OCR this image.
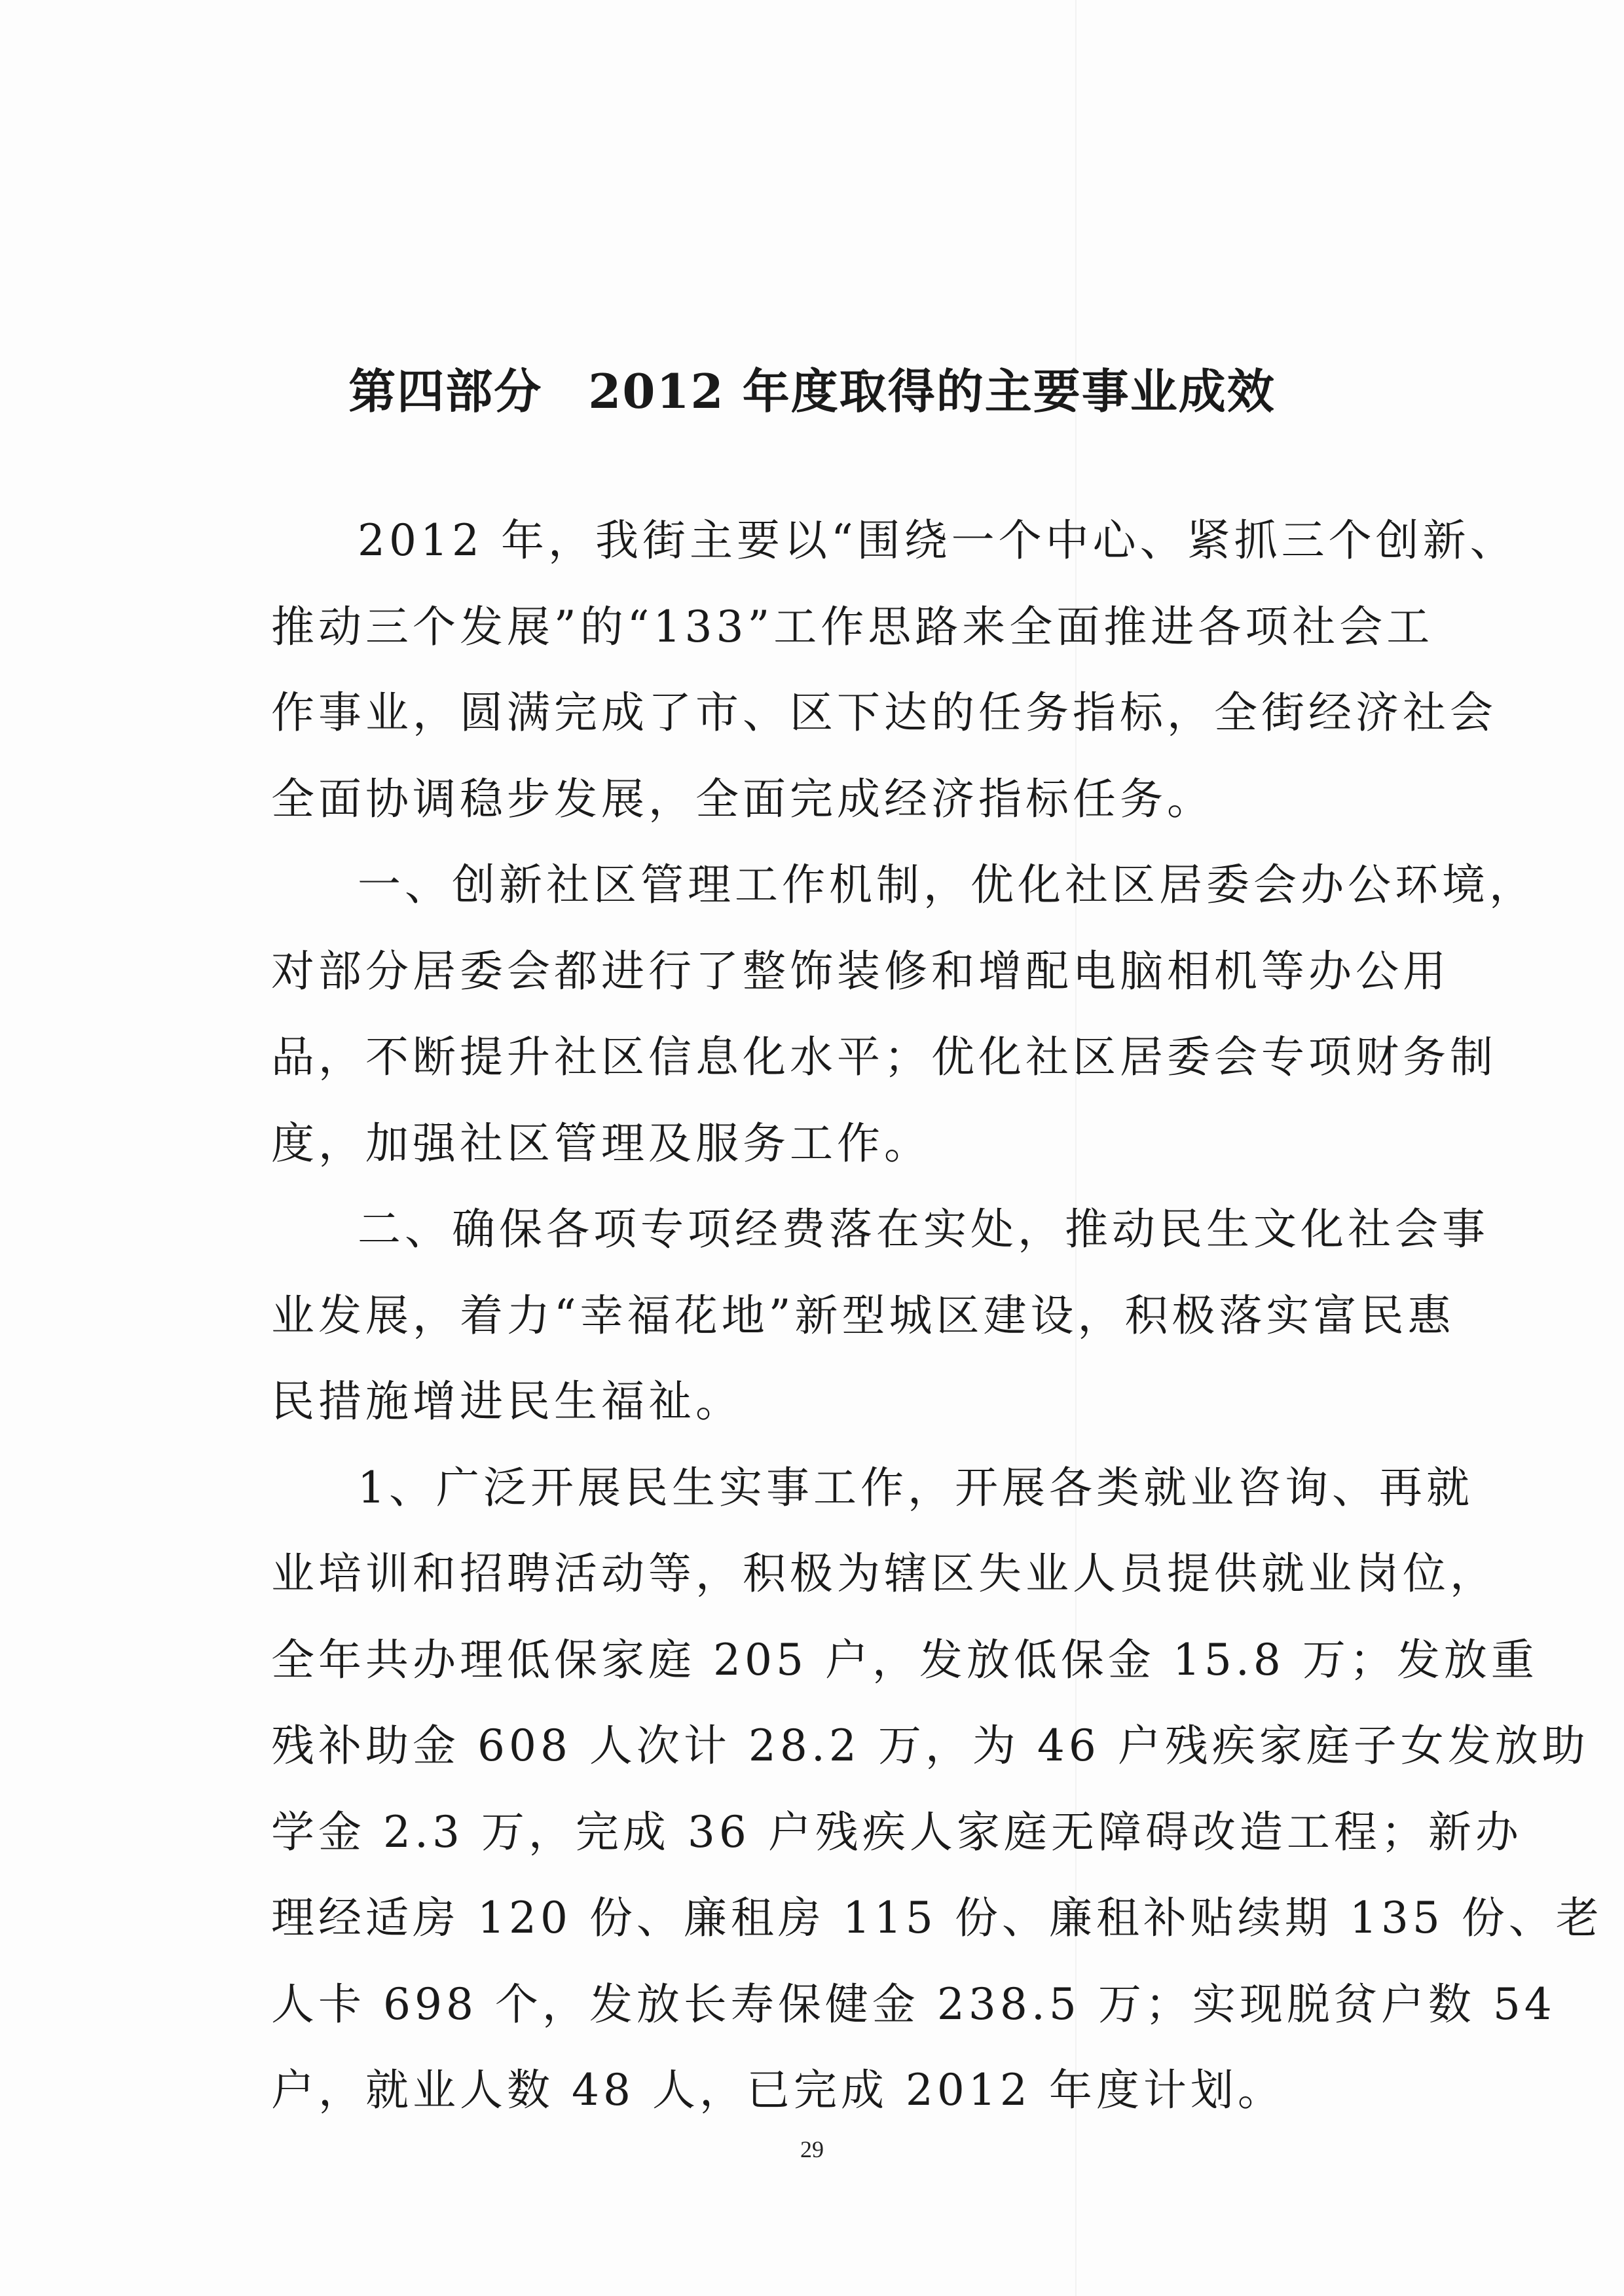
第四部分 2012 年度取得的主要事业成效
2012 年，我街主要以“围绕一个中心、紧抓三个创新、
推动三个发展”的“133”工作思路来全面推进各项社会工
作事业，圆满完成了市、区下达的任务指标，全街经济社会
全面协调稳步发展，全面完成经济指标任务。
一、创新社区管理工作机制，优化社区居委会办公环境，
对部分居委会都进行了整饰装修和增配电脑相机等办公用
品，不断提升社区信息化水平；优化社区居委会专项财务制
度，加强社区管理及服务工作。
二、确保各项专项经费落在实处，推动民生文化社会事
业发展，着力“幸福花地”新型城区建设，积极落实富民惠
民措施增进民生福祉。
1、广泛开展民生实事工作，开展各类就业咨询、再就
业培训和招聘活动等，积极为辖区失业人员提供就业岗位，
全年共办理低保家庭 205 户，发放低保金 15.8 万；发放重
残补助金 608 人次计 28.2 万，为 46 户残疾家庭子女发放助
学金 2.3 万，完成 36 户残疾人家庭无障碍改造工程；新办
理经适房 120 份、廉租房 115 份、廉租补贴续期 135 份、老
人卡 698 个，发放长寿保健金 238.5 万；实现脱贫户数 54
户，就业人数 48 人，已完成 2012 年度计划。
29
